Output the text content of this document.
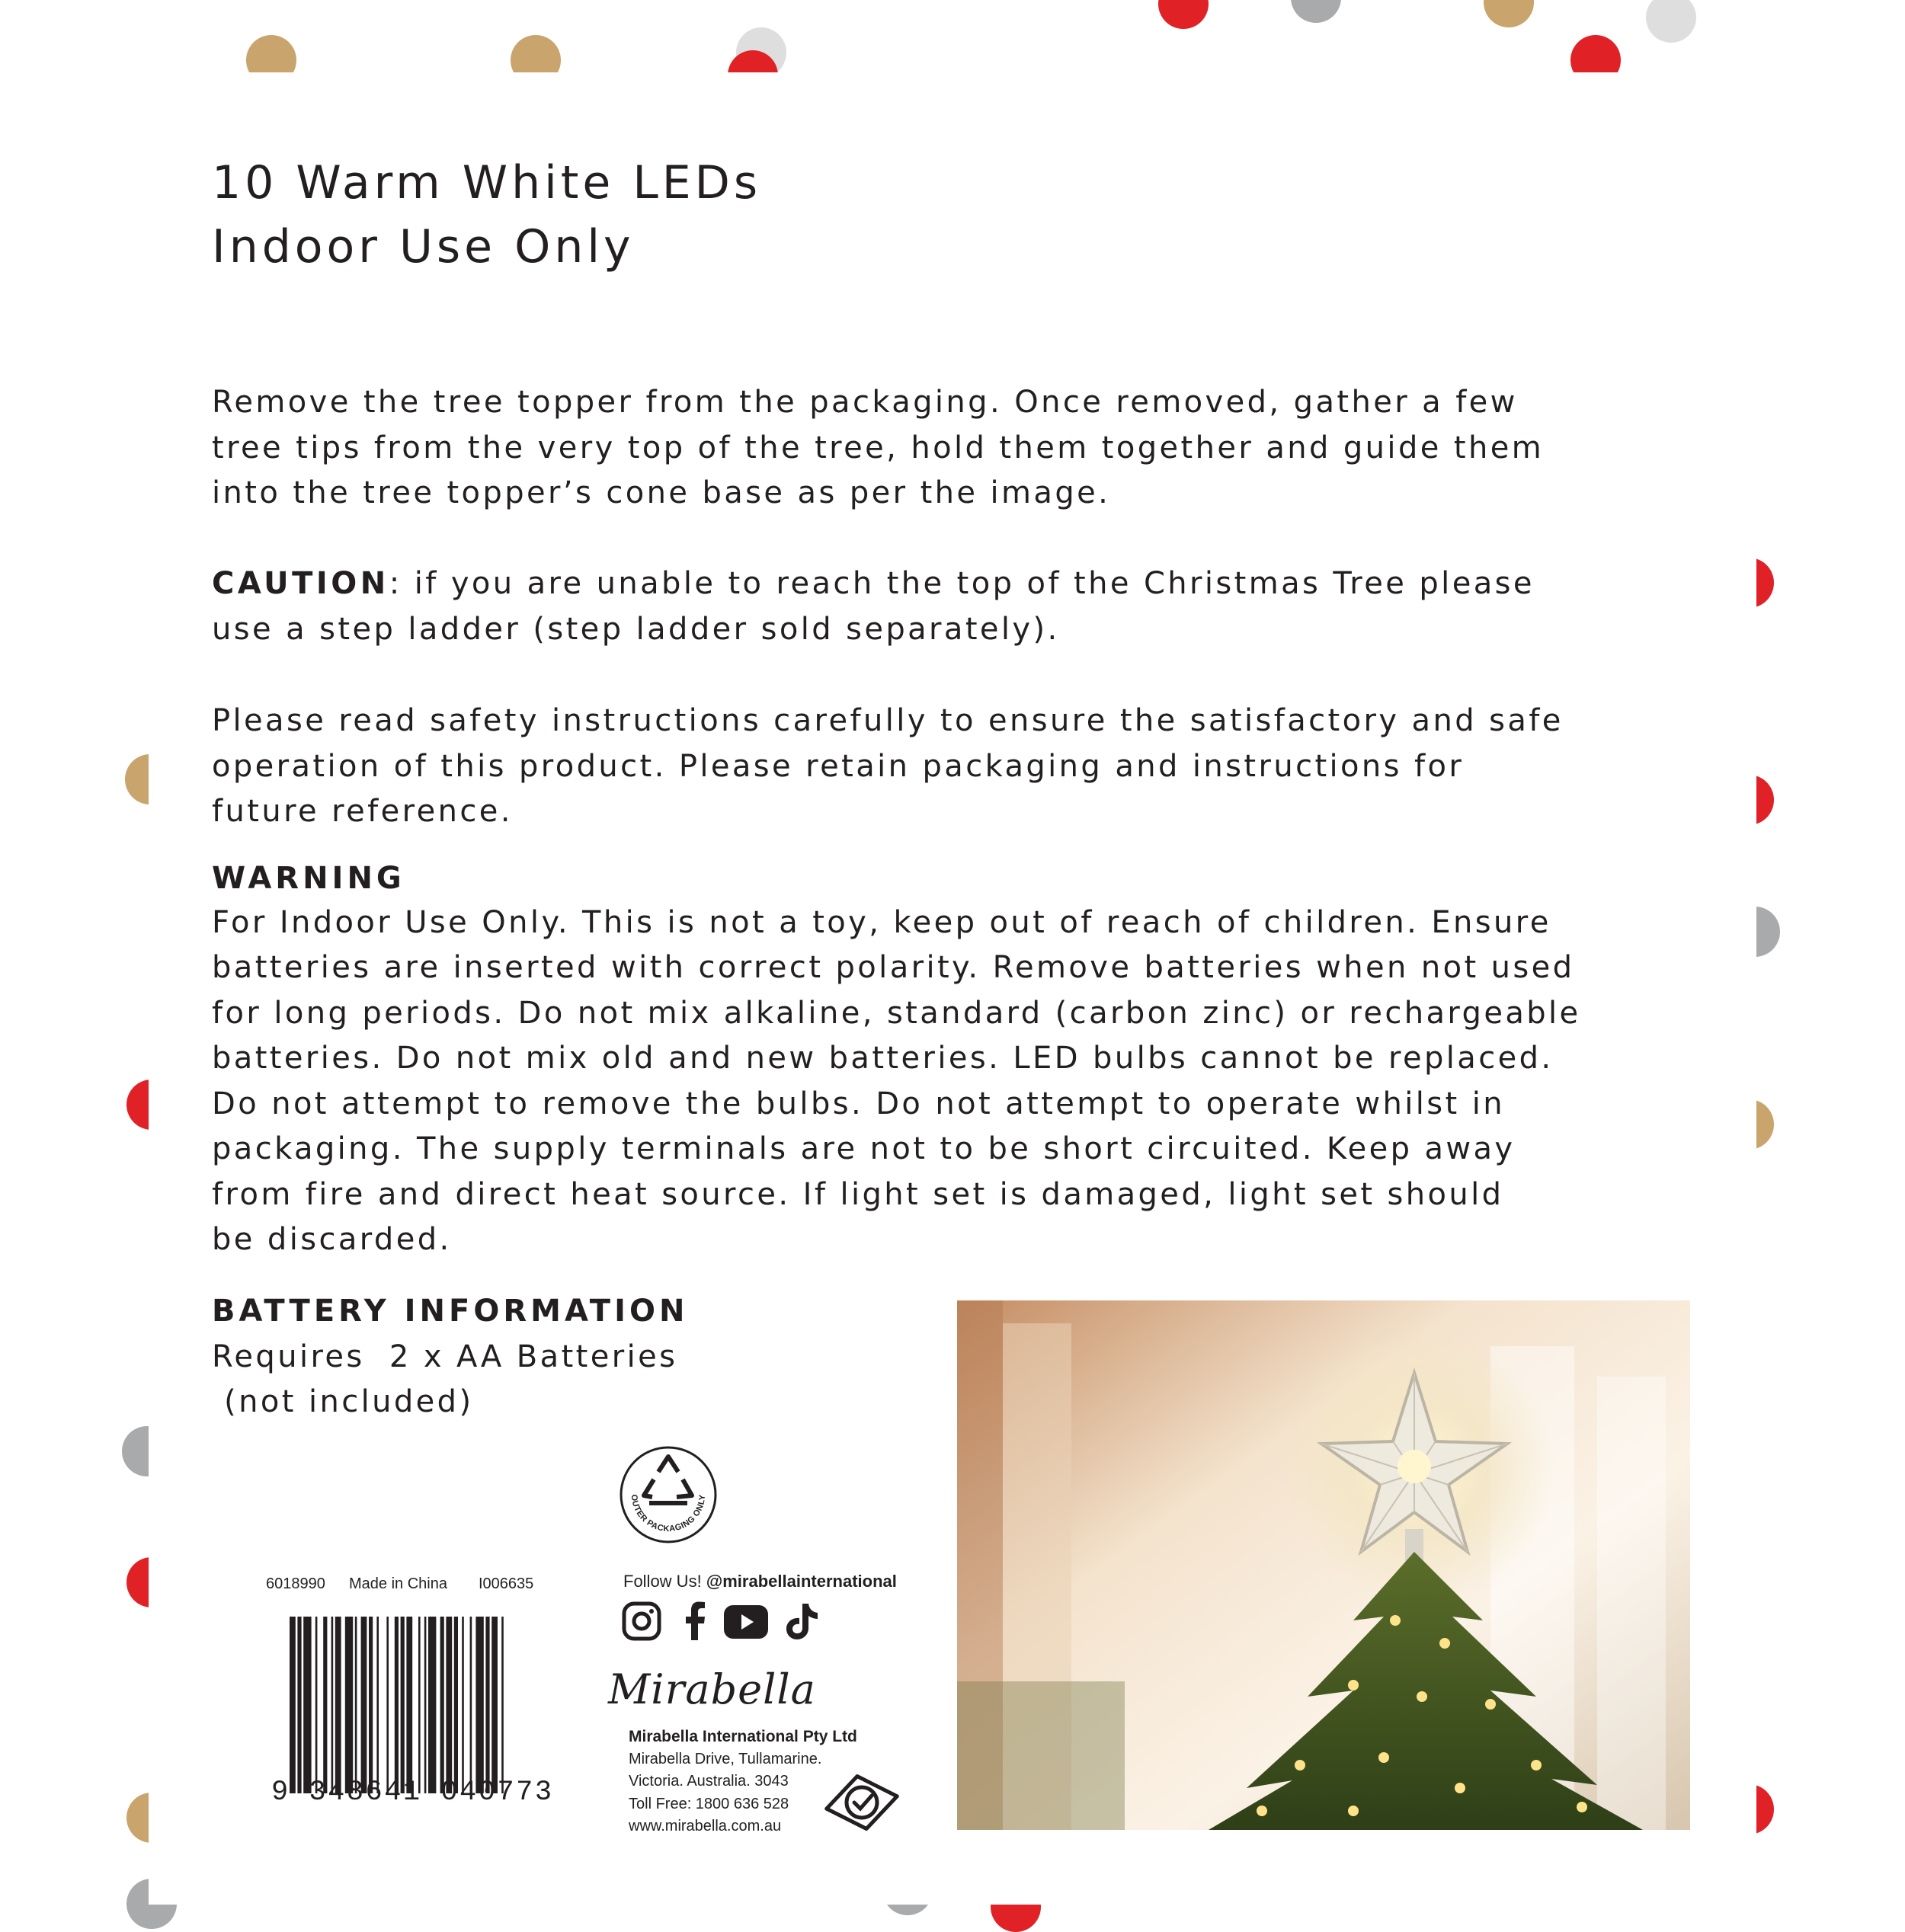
10 Warm White LEDs
Indoor Use Only
Remove the tree topper from the packaging. Once removed, gather a few
tree tips from the very top of the tree, hold them together and guide them
into the tree topper’s cone base as per the image.
CAUTION: if you are unable to reach the top of the Christmas Tree please
use a step ladder (step ladder sold separately).
Please read safety instructions carefully to ensure the satisfactory and safe
operation of this product. Please retain packaging and instructions for
future reference.
WARNING
For Indoor Use Only. This is not a toy, keep out of reach of children. Ensure
batteries are inserted with correct polarity. Remove batteries when not used
for long periods. Do not mix alkaline, standard (carbon zinc) or rechargeable
batteries. Do not mix old and new batteries. LED bulbs cannot be replaced.
Do not attempt to remove the bulbs. Do not attempt to operate whilst in
packaging. The supply terminals are not to be short circuited. Keep away
from fire and direct heat source. If light set is damaged, light set should
be discarded.
BATTERY INFORMATION
Requires  2 x AA Batteries
(not included)
OUTER PACKAGING ONLY
6018990 Made in China I006635
9 348641 040773
Follow Us! @mirabellainternational
Mirabella
Mirabella International Pty Ltd
Mirabella Drive, Tullamarine.
Victoria. Australia. 3043
Toll Free: 1800 636 528
www.mirabella.com.au
